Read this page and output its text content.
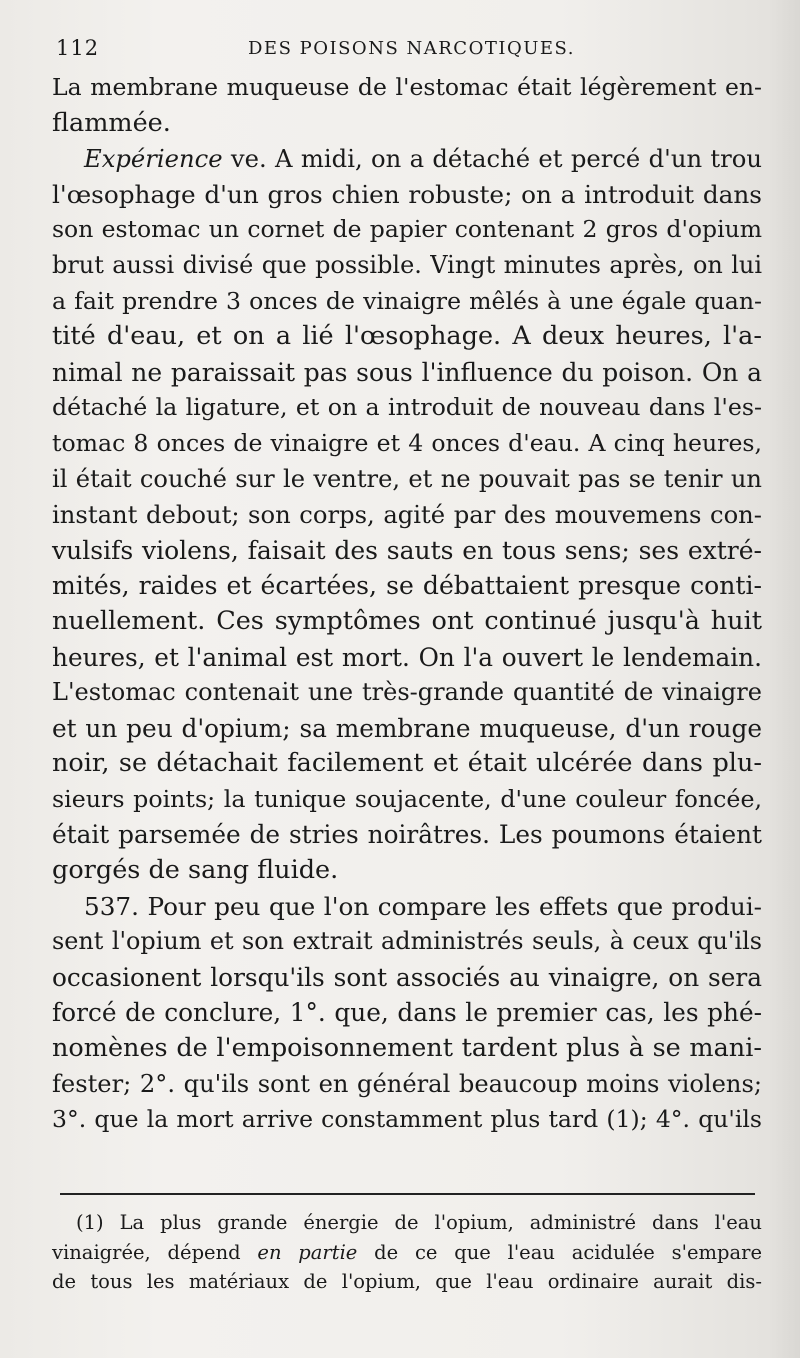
112	DES POISONS NARCOTIQUES.
La membrane muqueuse de l'estomac était légèrement en-
flammée.
Expérience ve. A midi, on a détaché et percé d'un trou
l'œsophage d'un gros chien robuste; on a introduit dans
son estomac un cornet de papier contenant 2 gros d'opium
brut aussi divisé que possible. Vingt minutes après, on lui
a fait prendre 3 onces de vinaigre mêlés à une égale quan-
tité d'eau, et on a lié l'œsophage. A deux heures, l'a-
nimal ne paraissait pas sous l'influence du poison. On a
détaché la ligature, et on a introduit de nouveau dans l'es-
tomac 8 onces de vinaigre et 4 onces d'eau. A cinq heures,
il était couché sur le ventre, et ne pouvait pas se tenir un
instant debout; son corps, agité par des mouvemens con-
vulsifs violens, faisait des sauts en tous sens; ses extré-
mités, raides et écartées, se débattaient presque conti-
nuellement. Ces symptômes ont continué jusqu'à huit
heures, et l'animal est mort. On l'a ouvert le lendemain.
L'estomac contenait une très-grande quantité de vinaigre
et un peu d'opium; sa membrane muqueuse, d'un rouge
noir, se détachait facilement et était ulcérée dans plu-
sieurs points; la tunique soujacente, d'une couleur foncée,
était parsemée de stries noirâtres. Les poumons étaient
gorgés de sang fluide.
537. Pour peu que l'on compare les effets que produi-
sent l'opium et son extrait administrés seuls, à ceux qu'ils
occasionent lorsqu'ils sont associés au vinaigre, on sera
forcé de conclure, 1°. que, dans le premier cas, les phé-
nomènes de l'empoisonnement tardent plus à se mani-
fester; 2°. qu'ils sont en général beaucoup moins violens;
3°. que la mort arrive constamment plus tard (1); 4°. qu'ils
(1) La plus grande énergie de l'opium, administré dans l'eau
vinaigrée, dépend en partie de ce que l'eau acidulée s'empare
de tous les matériaux de l'opium, que l'eau ordinaire aurait dis-
